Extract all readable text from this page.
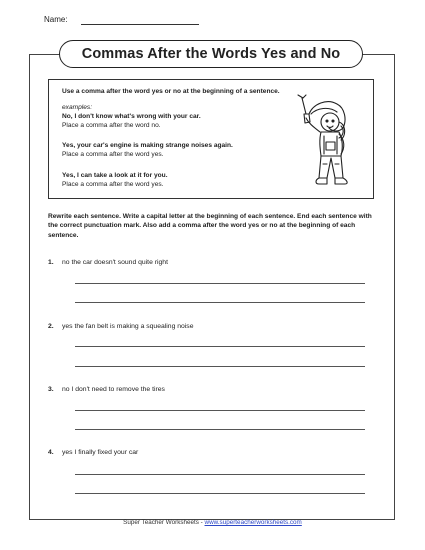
Name:
Commas After the Words Yes and No
Use a comma after the word yes or no at the beginning of a sentence.
examples:
No, I don't know what's wrong with your car.
Place a comma after the word no.
Yes, your car's engine is making strange noises again.
Place a comma after the word yes.
Yes, I can take a look at it for you.
Place a comma after the word yes.
Rewrite each sentence. Write a capital letter at the beginning of each sentence. End each sentence with the correct punctuation mark. Also add a comma after the word yes or no at the beginning of each sentence.
1. no the car doesn't sound quite right
2. yes the fan belt is making a squealing noise
3. no I don't need to remove the tires
4. yes I finally fixed your car
Super Teacher Worksheets - www.superteacherworksheets.com
